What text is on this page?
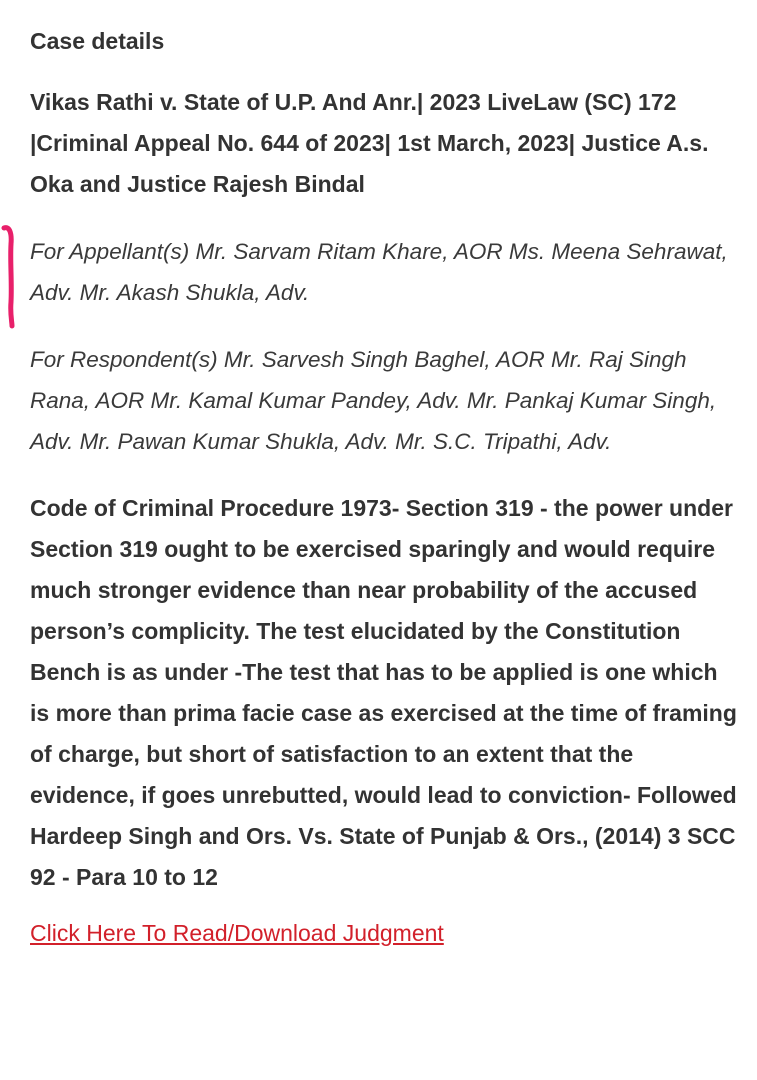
Case details
Vikas Rathi v. State of U.P. And Anr.| 2023 LiveLaw (SC) 172 |Criminal Appeal No. 644 of 2023| 1st March, 2023| Justice A.s. Oka and Justice Rajesh Bindal
For Appellant(s) Mr. Sarvam Ritam Khare, AOR Ms. Meena Sehrawat, Adv. Mr. Akash Shukla, Adv.
For Respondent(s) Mr. Sarvesh Singh Baghel, AOR Mr. Raj Singh Rana, AOR Mr. Kamal Kumar Pandey, Adv. Mr. Pankaj Kumar Singh, Adv. Mr. Pawan Kumar Shukla, Adv. Mr. S.C. Tripathi, Adv.
Code of Criminal Procedure 1973- Section 319 - the power under Section 319 ought to be exercised sparingly and would require much stronger evidence than near probability of the accused person’s complicity. The test elucidated by the Constitution Bench is as under -The test that has to be applied is one which is more than prima facie case as exercised at the time of framing of charge, but short of satisfaction to an extent that the evidence, if goes unrebutted, would lead to conviction- Followed Hardeep Singh and Ors. Vs. State of Punjab & Ors., (2014) 3 SCC 92 - Para 10 to 12
Click Here To Read/Download Judgment
